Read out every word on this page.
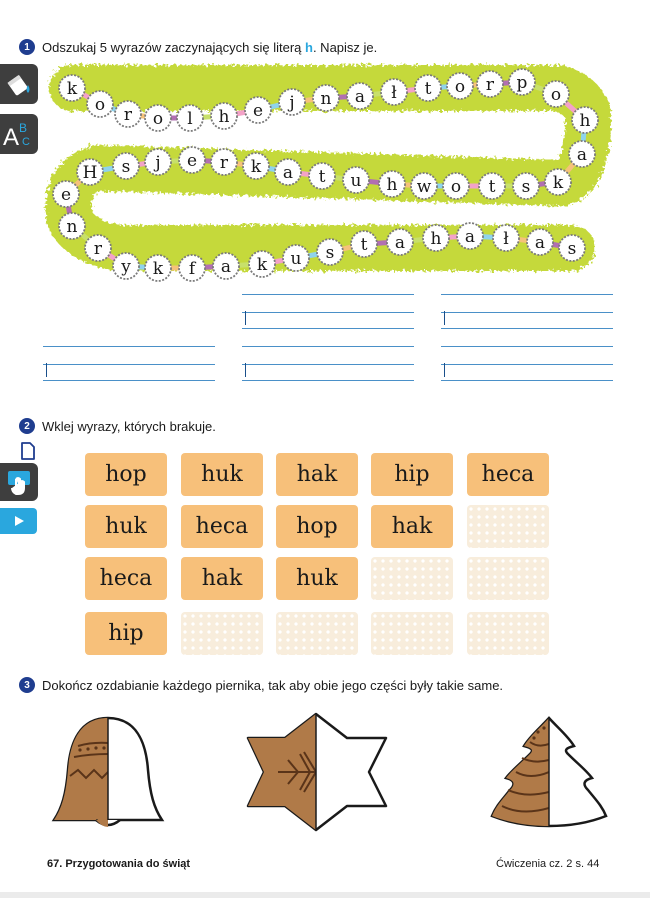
1 Odszukaj 5 wyrazów zaczynających się literą h. Napisz je.
A B
C
k
o r o l h e j n a ł t o r p
o
h
a
k
s
t
o
w
h
u
t
a
k
r
e
j
s
H
e
n
r
y k f a k u s t a h a ł a s
2 Wklej wyrazy, których brakuje.
hop	huk	hak	hip	heca
huk	heca	hop	hak
heca	hak	huk
hip
3 Dokończ ozdabianie każdego piernika, tak aby obie jego części były takie same.
67. Przygotowania do świąt	Ćwiczenia cz. 2 s. 44
